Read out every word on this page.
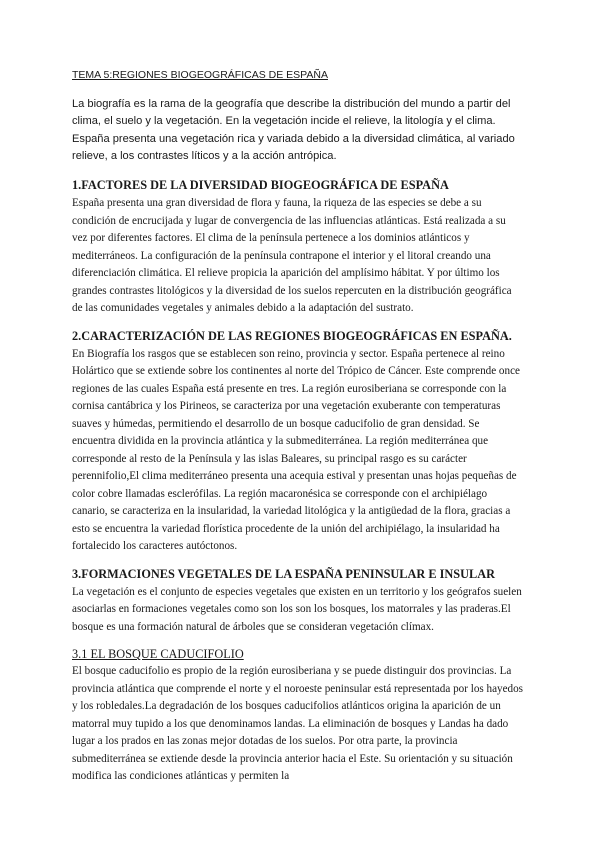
TEMA 5:REGIONES BIOGEOGRÁFICAS DE ESPAÑA

La biografía es la rama de la geografía que describe la distribución del mundo a partir del clima, el suelo y la vegetación. En la vegetación incide el relieve, la litología y el clima. España presenta una vegetación rica y variada debido a la diversidad climática, al variado relieve, a los contrastes líticos y a la acción antrópica.

1.FACTORES DE LA DIVERSIDAD BIOGEOGRÁFICA DE ESPAÑA

España presenta una gran diversidad de flora y fauna, la riqueza de las especies se debe a su condición de encrucijada y lugar de convergencia de las influencias atlánticas. Está realizada a su vez por diferentes factores. El clima de la península pertenece a los dominios atlánticos y mediterráneos. La configuración de la península contrapone el interior y el litoral creando una diferenciación climática. El relieve propicia la aparición del amplísimo hábitat. Y por último los grandes contrastes litológicos y la diversidad de los suelos repercuten en la distribución geográfica de las comunidades vegetales y animales debido a la adaptación del sustrato.

2.CARACTERIZACIÓN DE LAS REGIONES BIOGEOGRÁFICAS EN ESPAÑA.

En Biografía los rasgos que se establecen son reino, provincia y sector. España pertenece al reino Holártico que se extiende sobre los continentes al norte del Trópico de Cáncer. Este comprende once regiones de las cuales España está presente en tres. La región eurosiberiana se corresponde con la cornisa cantábrica y los Pirineos, se caracteriza por una vegetación exuberante con temperaturas suaves y húmedas, permitiendo el desarrollo de un bosque caducifolio de gran densidad. Se encuentra dividida en la provincia atlántica y la submediterránea. La región mediterránea que corresponde al resto de la Península y las islas Baleares, su principal rasgo es su carácter perennifolio,El clima mediterráneo presenta una acequia estival y presentan unas hojas pequeñas de color cobre llamadas esclerófilas. La región macaronésica se corresponde con el archipiélago canario, se caracteriza en la insularidad, la variedad litológica y la antigüedad de la flora, gracias a esto se encuentra la variedad florística procedente de la unión del archipiélago, la insularidad ha fortalecido los caracteres autóctonos.

3.FORMACIONES VEGETALES DE LA ESPAÑA PENINSULAR E INSULAR

La vegetación es el conjunto de especies vegetales que existen en un territorio y los geógrafos suelen asociarlas en formaciones vegetales como son los son los bosques, los matorrales y las praderas.El bosque es una formación natural de árboles que se consideran vegetación clímax.

3.1 EL BOSQUE CADUCIFOLIO

El bosque caducifolio es propio de la región eurosiberiana y se puede distinguir dos provincias. La provincia atlántica que comprende el norte y el noroeste peninsular está representada por los hayedos y los robledales.La degradación de los bosques caducifolios atlánticos origina la aparición de un matorral muy tupido a los que denominamos landas. La eliminación de bosques y Landas ha dado lugar a los prados en las zonas mejor dotadas de los suelos. Por otra parte, la provincia submediterránea se extiende desde la provincia anterior hacia el Este. Su orientación y su situación modifica las condiciones atlánticas y permiten la
